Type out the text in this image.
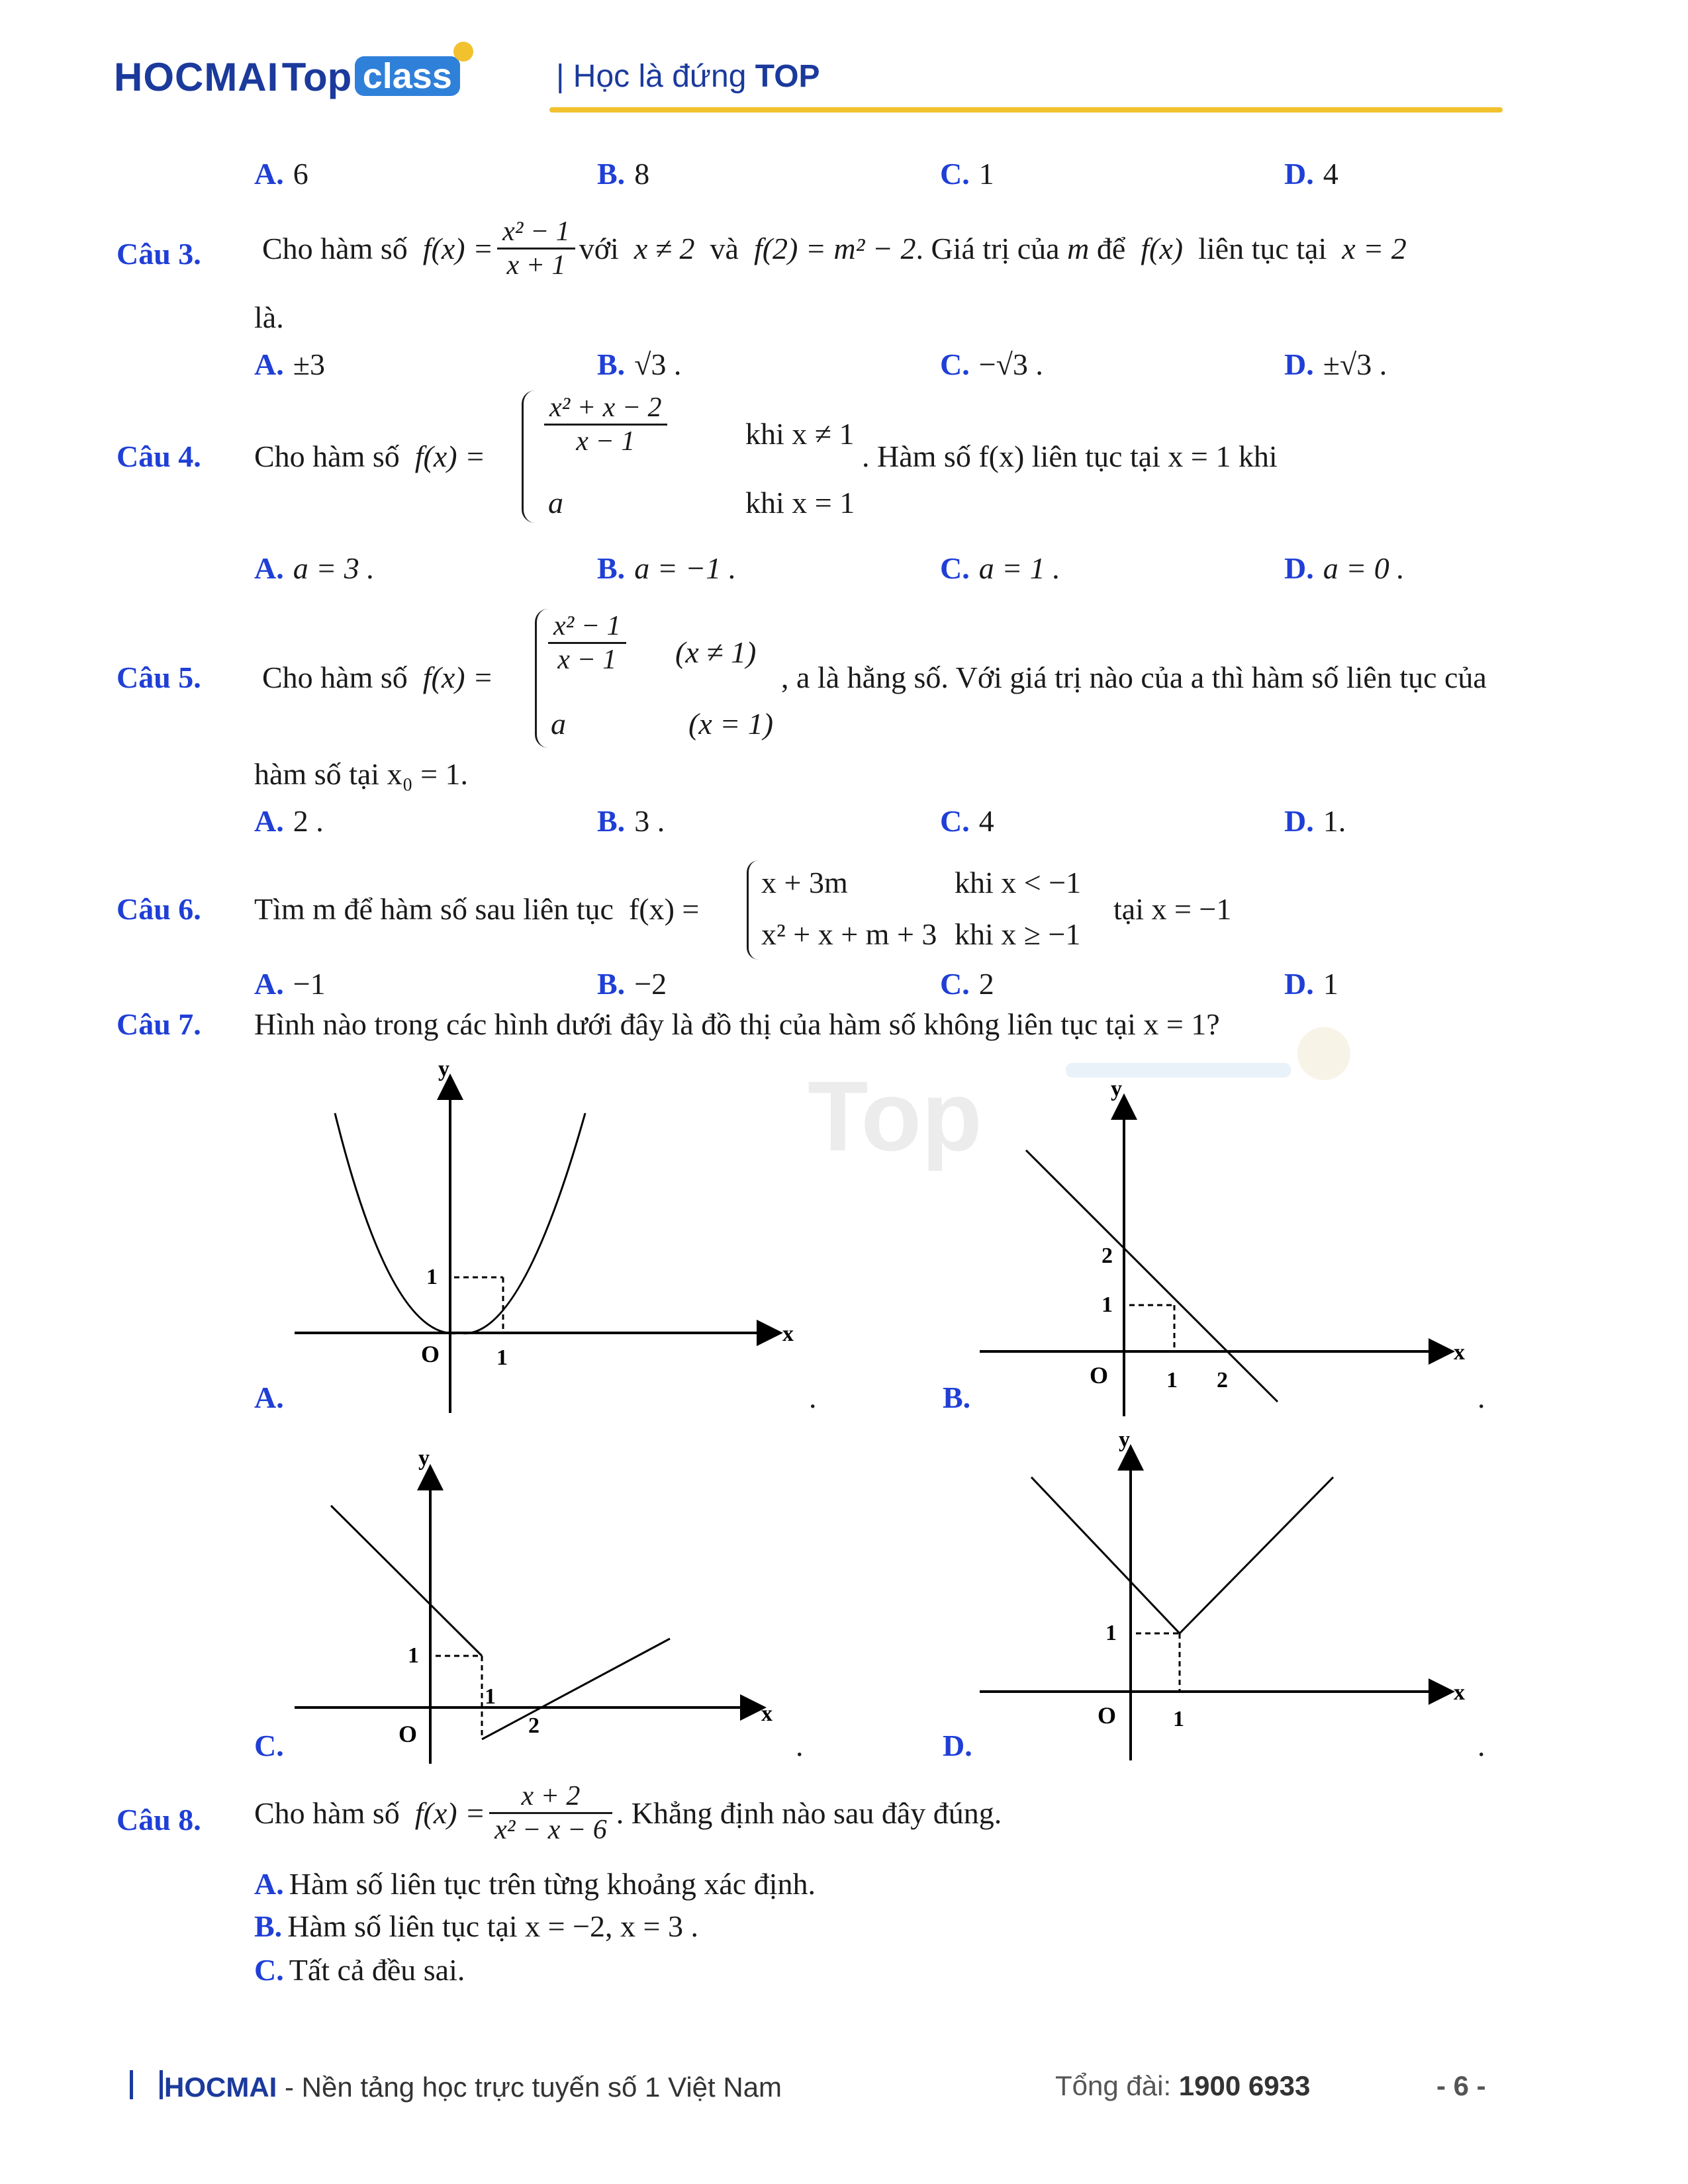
HOCMAI Top class	| Học là đứng TOP
Top
A. 6	B. 8	C. 1	D. 4
Câu 3. Cho hàm số
$f(x) = \frac{\text{x² − 1}}{x + 1}$ với
x ≠ 2
và
f(2) = m² − 2 . Giá trị của
m
để
f(x)
liên tục tại
x = 2
là.
A. ±3	B. √3 .	C. −√3 .	D. ±√3 .
Câu 4. Cho hàm số $f(x) = \frac{\text{x² + x − 2}}{x - 1}$	khi x ≠ 1
a	khi x = 1
. Hàm số f(x) liên tục tại x = 1 khi
A. a = 3 .	B. a = −1 .	C. a = 1 .	D. a = 0 .
Câu 5. Cho hàm số f(x) =
$\frac{\text{x² − 1}}{x - 1} (x \ne 1)$
a	(x = 1)
, a là hằng số. Với giá trị nào của a thì hàm số liên tục của
hàm số tại x₀ = 1.
A. 2 .	B. 3 .	C. 4	D. 1.
Câu 6. Tìm m để hàm số sau liên tục f(x) =
x + 3m	khi x < −1
x² + x + m + 3 khi x ≥ −1
tại x = −1
A. −1	B. −2	C. 2	D. 1
Câu 7. Hình nào trong các hình dưới đây là đồ thị của hàm số không liên tục tại x = 1?
y
x
O	1
1
A.	.
y
x
O
2
1
1 2
B.	.
y
x
O
1
1
2
C.	.
y
x
O
1
1
D.	.
Câu 8. Cho hàm số
$f(x) = \frac{x + 2}{\text{x² − x − 6}}$ . Khẳng định nào sau đây đúng.
A. Hàm số liên tục trên từng khoảng xác định.
B. Hàm số liên tục tại x = −2, x = 3 .
C. Tất cả đều sai.
HOCMAI - Nền tảng học trực tuyến số 1 Việt Nam	Tổng đài: 1900 6933	- 6 -
